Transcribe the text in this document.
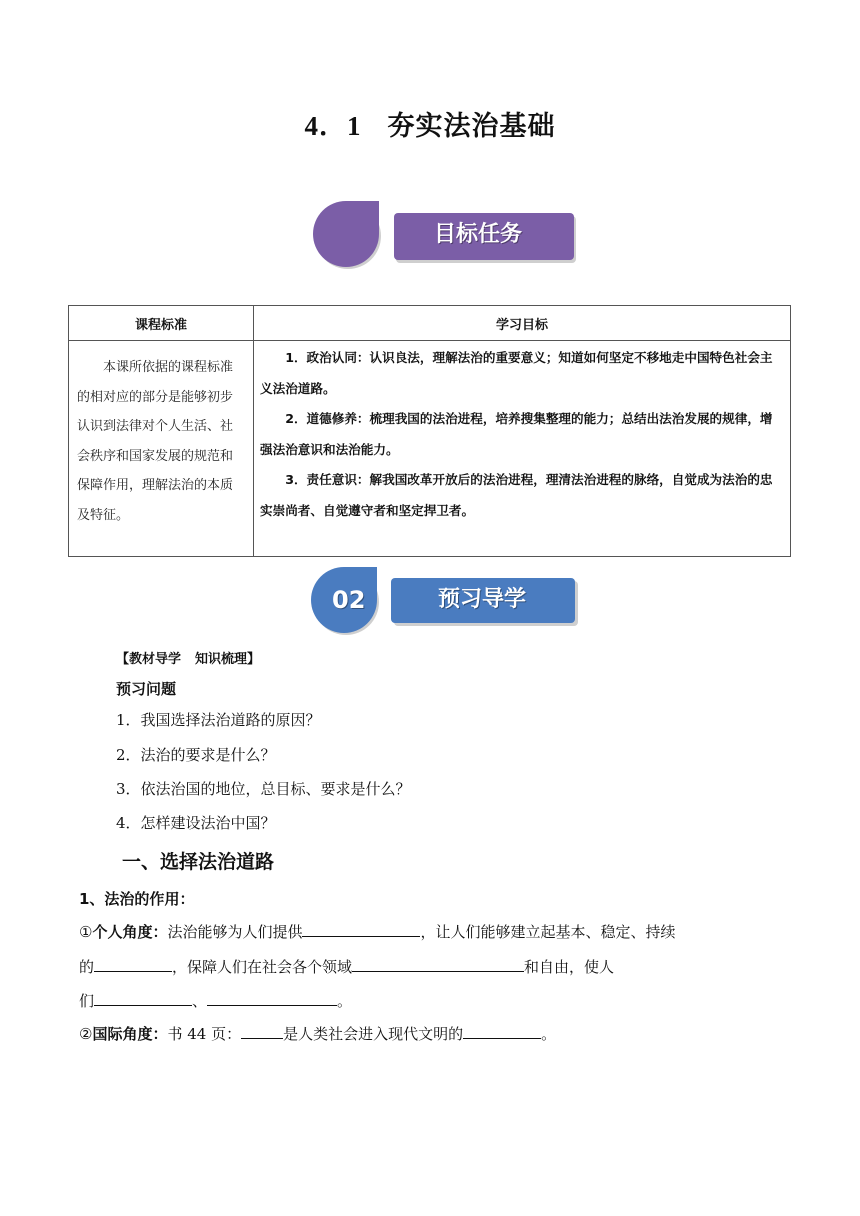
4．1 夯实法治基础
目标任务
课程标准	学习目标
本课所依据的课程标准的相对应的部分是能够初步认识到法律对个人生活、社会秩序和国家发展的规范和保障作用，理解法治的本质及特征。	1．政治认同：认识良法，理解法治的重要意义；知道如何坚定不移地走中国特色社会主义法治道路。

2．道德修养：梳理我国的法治进程，培养搜集整理的能力；总结出法治发展的规律，增强法治意识和法治能力。

3．责任意识：解我国改革开放后的法治进程，理清法治进程的脉络，自觉成为法治的忠实崇尚者、自觉遵守者和坚定捍卫者。

02	预习导学
【教材导学 知识梳理】
预习问题
1．我国选择法治道路的原因？
2．法治的要求是什么？
3．依法治国的地位，总目标、要求是什么？
4．怎样建设法治中国？
一、选择法治道路
1、法治的作用：
①个人角度：法治能够为人们提供	，让人们能够建立起基本、稳定、持续
的	，保障人们在社会各个领域	和自由，使人
们	、	。
②国际角度：书 44 页：	是人类社会进入现代文明的	。
